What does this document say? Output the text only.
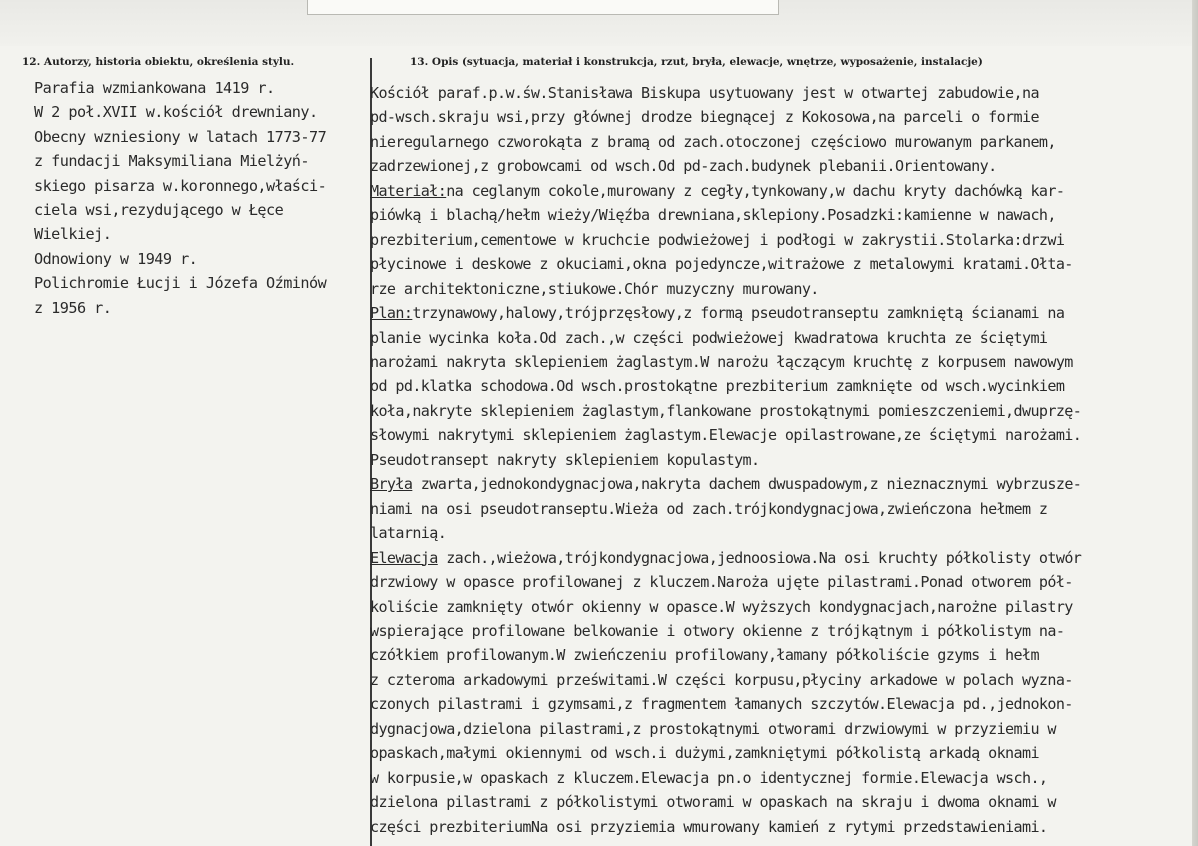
12. Autorzy, historia obiektu, określenia stylu.	13. Opis (sytuacja, materiał i konstrukcja, rzut, bryła, elewacje, wnętrze, wyposażenie, instalacje)
Parafia wzmiankowana 1419 r.
W 2 poł.XVII w.kościół drewniany.
Obecny wzniesiony w latach 1773-77
z fundacji Maksymiliana Mielżyń-
skiego pisarza w.koronnego,właści-
ciela wsi,rezydującego w Łęce
Wielkiej.
Odnowiony w 1949 r.
Polichromie Łucji i Józefa Oźminów
z 1956 r.
Kościół paraf.p.w.św.Stanisława Biskupa usytuowany jest w otwartej zabudowie,na
pd-wsch.skraju wsi,przy głównej drodze biegnącej z Kokosowa,na parceli o formie
nieregularnego czworokąta z bramą od zach.otoczonej częściowo murowanym parkanem,
zadrzewionej,z grobowcami od wsch.Od pd-zach.budynek plebanii.Orientowany.
Materiał:na ceglanym cokole,murowany z cegły,tynkowany,w dachu kryty dachówką kar-
piówką i blachą/hełm wieży/Więźba drewniana,sklepiony.Posadzki:kamienne w nawach,
prezbiterium,cementowe w kruchcie podwieżowej i podłogi w zakrystii.Stolarka:drzwi
płycinowe i deskowe z okuciami,okna pojedyncze,witrażowe z metalowymi kratami.Ołta-
rze architektoniczne,stiukowe.Chór muzyczny murowany.
Plan:trzynawowy,halowy,trójprzęsłowy,z formą pseudotranseptu zamkniętą ścianami na
planie wycinka koła.Od zach.,w części podwieżowej kwadratowa kruchta ze ściętymi
narożami nakryta sklepieniem żaglastym.W narożu łączącym kruchtę z korpusem nawowym
od pd.klatka schodowa.Od wsch.prostokątne prezbiterium zamknięte od wsch.wycinkiem
koła,nakryte sklepieniem żaglastym,flankowane prostokątnymi pomieszczeniemi,dwuprzę-
słowymi nakrytymi sklepieniem żaglastym.Elewacje opilastrowane,ze ściętymi narożami.
Pseudotransept nakryty sklepieniem kopulastym.
Bryła zwarta,jednokondygnacjowa,nakryta dachem dwuspadowym,z nieznacznymi wybrzusze-
niami na osi pseudotranseptu.Wieża od zach.trójkondygnacjowa,zwieńczona hełmem z
latarnią.
Elewacja zach.,wieżowa,trójkondygnacjowa,jednoosiowa.Na osi kruchty półkolisty otwór
drzwiowy w opasce profilowanej z kluczem.Naroża ujęte pilastrami.Ponad otworem pół-
koliście zamknięty otwór okienny w opasce.W wyższych kondygnacjach,narożne pilastry
wspierające profilowane belkowanie i otwory okienne z trójkątnym i półkolistym na-
czółkiem profilowanym.W zwieńczeniu profilowany,łamany półkoliście gzyms i hełm
z czteroma arkadowymi prześwitami.W części korpusu,płyciny arkadowe w polach wyzna-
czonych pilastrami i gzymsami,z fragmentem łamanych szczytów.Elewacja pd.,jednokon-
dygnacjowa,dzielona pilastrami,z prostokątnymi otworami drzwiowymi w przyziemiu w
opaskach,małymi okiennymi od wsch.i dużymi,zamkniętymi półkolistą arkadą oknami
w korpusie,w opaskach z kluczem.Elewacja pn.o identycznej formie.Elewacja wsch.,
dzielona pilastrami z półkolistymi otworami w opaskach na skraju i dwoma oknami w
części prezbiteriumNa osi przyziemia wmurowany kamień z rytymi przedstawieniami.
